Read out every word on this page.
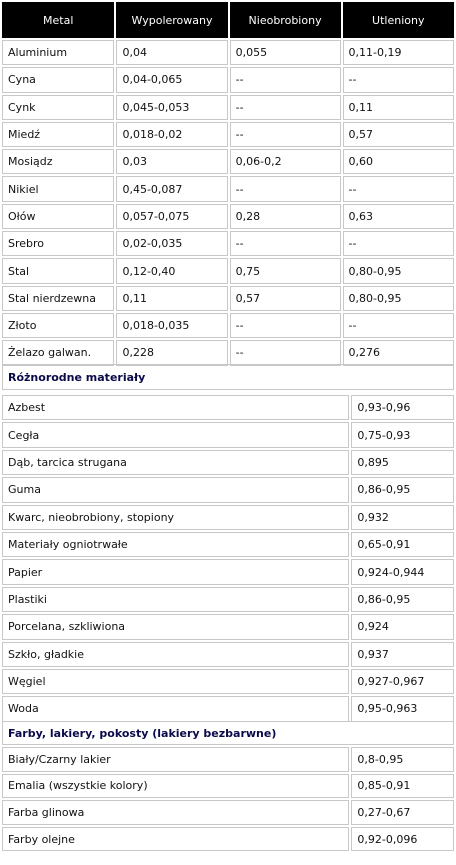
Metal	Wypolerowany	Nieobrobiony	Utleniony
Aluminium	0,04	0,055	0,11-0,19
Cyna	0,04-0,065	--	--
Cynk	0,045-0,053	--	0,11
Miedź	0,018-0,02	--	0,57
Mosiądz	0,03	0,06-0,2	0,60
Nikiel	0,45-0,087	--	--
Ołów	0,057-0,075	0,28	0,63
Srebro	0,02-0,035	--	--
Stal	0,12-0,40	0,75	0,80-0,95
Stal nierdzewna	0,11	0,57	0,80-0,95
Złoto	0,018-0,035	--	--
Żelazo galwan.	0,228	--	0,276
Różnorodne materiały
Azbest	0,93-0,96
Cegła	0,75-0,93
Dąb, tarcica strugana	0,895
Guma	0,86-0,95
Kwarc, nieobrobiony, stopiony	0,932
Materiały ogniotrwałe	0,65-0,91
Papier	0,924-0,944
Plastiki	0,86-0,95
Porcelana, szkliwiona	0,924
Szkło, gładkie	0,937
Węgiel	0,927-0,967
Woda	0,95-0,963
Farby, lakiery, pokosty (lakiery bezbarwne)
Biały/Czarny lakier	0,8-0,95
Emalia (wszystkie kolory)	0,85-0,91
Farba glinowa	0,27-0,67
Farby olejne	0,92-0,096
